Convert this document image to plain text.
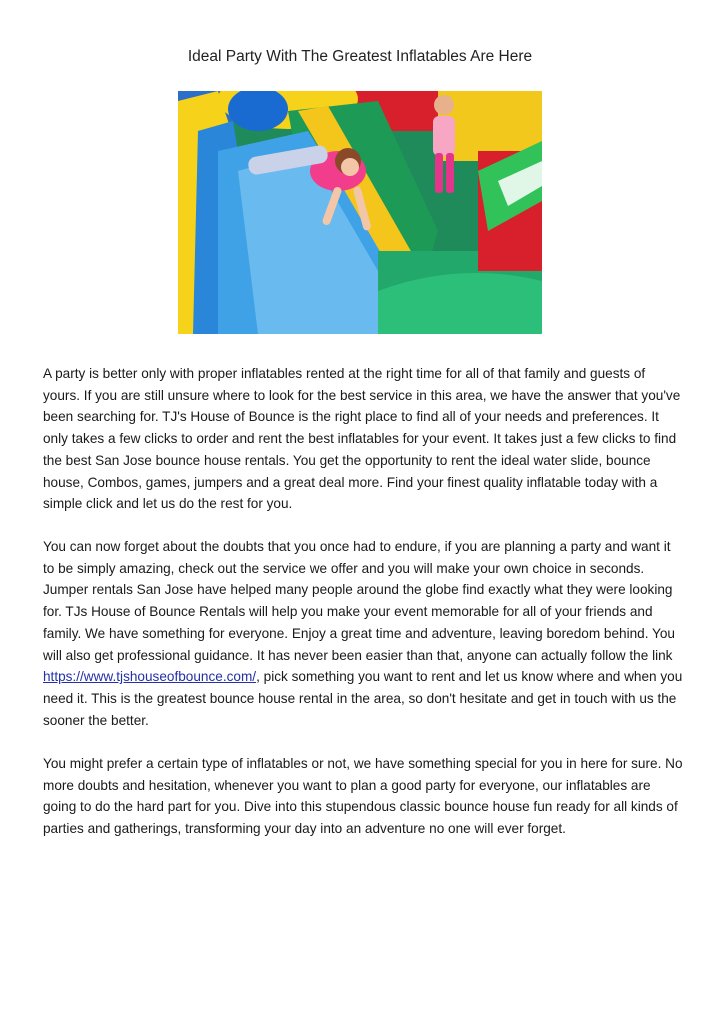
Ideal Party With The Greatest Inflatables Are Here

A party is better only with proper inflatables rented at the right time for all of that family and guests of yours. If you are still unsure where to look for the best service in this area, we have the answer that you've been searching for. TJ's House of Bounce is the right place to find all of your needs and preferences. It only takes a few clicks to order and rent the best inflatables for your event. It takes just a few clicks to find the best San Jose bounce house rentals. You get the opportunity to rent the ideal water slide, bounce house, Combos, games, jumpers and a great deal more. Find your finest quality inflatable today with a simple click and let us do the rest for you.

You can now forget about the doubts that you once had to endure, if you are planning a party and want it to be simply amazing, check out the service we offer and you will make your own choice in seconds. Jumper rentals San Jose have helped many people around the globe find exactly what they were looking for. TJs House of Bounce Rentals will help you make your event memorable for all of your friends and family. We have something for everyone. Enjoy a great time and adventure, leaving boredom behind. You will also get professional guidance. It has never been easier than that, anyone can actually follow the link https://www.tjshouseofbounce.com/, pick something you want to rent and let us know where and when you need it. This is the greatest bounce house rental in the area, so don't hesitate and get in touch with us the sooner the better.

You might prefer a certain type of inflatables or not, we have something special for you in here for sure. No more doubts and hesitation, whenever you want to plan a good party for everyone, our inflatables are going to do the hard part for you. Dive into this stupendous classic bounce house fun ready for all kinds of parties and gatherings, transforming your day into an adventure no one will ever forget.
